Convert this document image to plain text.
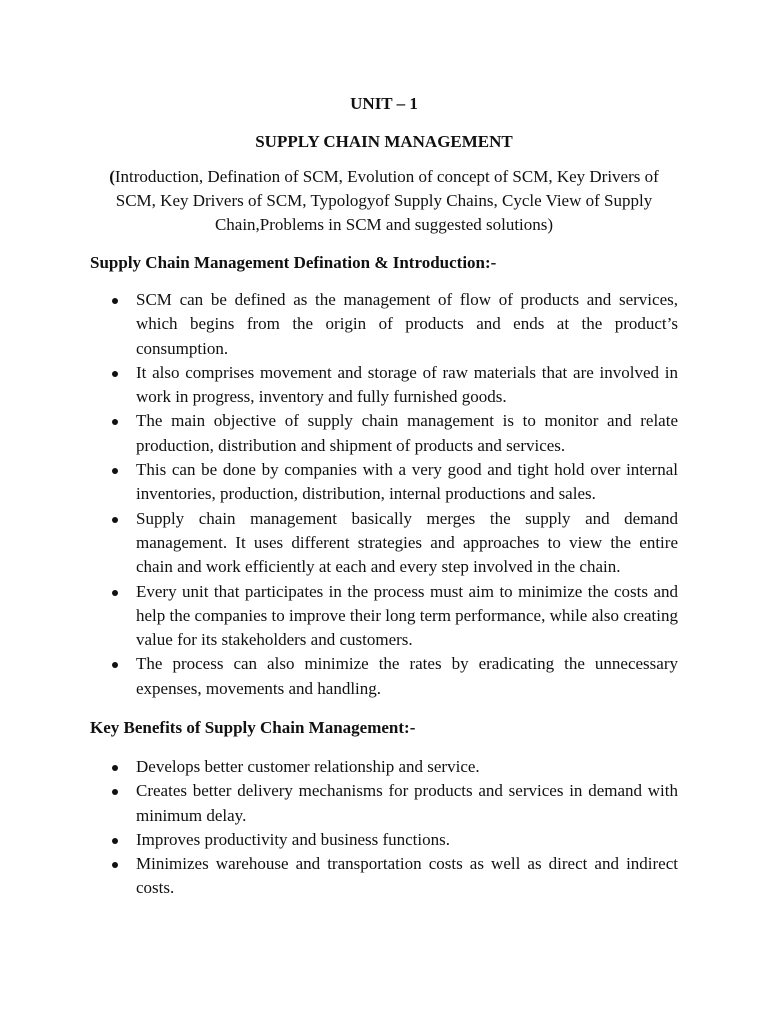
UNIT – 1
SUPPLY CHAIN MANAGEMENT
(Introduction, Defination of SCM, Evolution of concept of SCM, Key Drivers of SCM, Key Drivers of SCM, Typologyof Supply Chains, Cycle View of Supply Chain,Problems in SCM and suggested solutions)
Supply Chain Management Defination & Introduction:-
SCM can be defined as the management of flow of products and services, which begins from the origin of products and ends at the product’s consumption.
It also comprises movement and storage of raw materials that are involved in work in progress, inventory and fully furnished goods.
The main objective of supply chain management is to monitor and relate production, distribution and shipment of products and services.
This can be done by companies with a very good and tight hold over internal inventories, production, distribution, internal productions and sales.
Supply chain management basically merges the supply and demand management. It uses different strategies and approaches to view the entire chain and work efficiently at each and every step involved in the chain.
Every unit that participates in the process must aim to minimize the costs and help the companies to improve their long term performance, while also creating value for its stakeholders and customers.
The process can also minimize the rates by eradicating the unnecessary expenses, movements and handling.
Key Benefits of Supply Chain Management:-
Develops better customer relationship and service.
Creates better delivery mechanisms for products and services in demand with minimum delay.
Improves productivity and business functions.
Minimizes warehouse and transportation costs as well as direct and indirect costs.
